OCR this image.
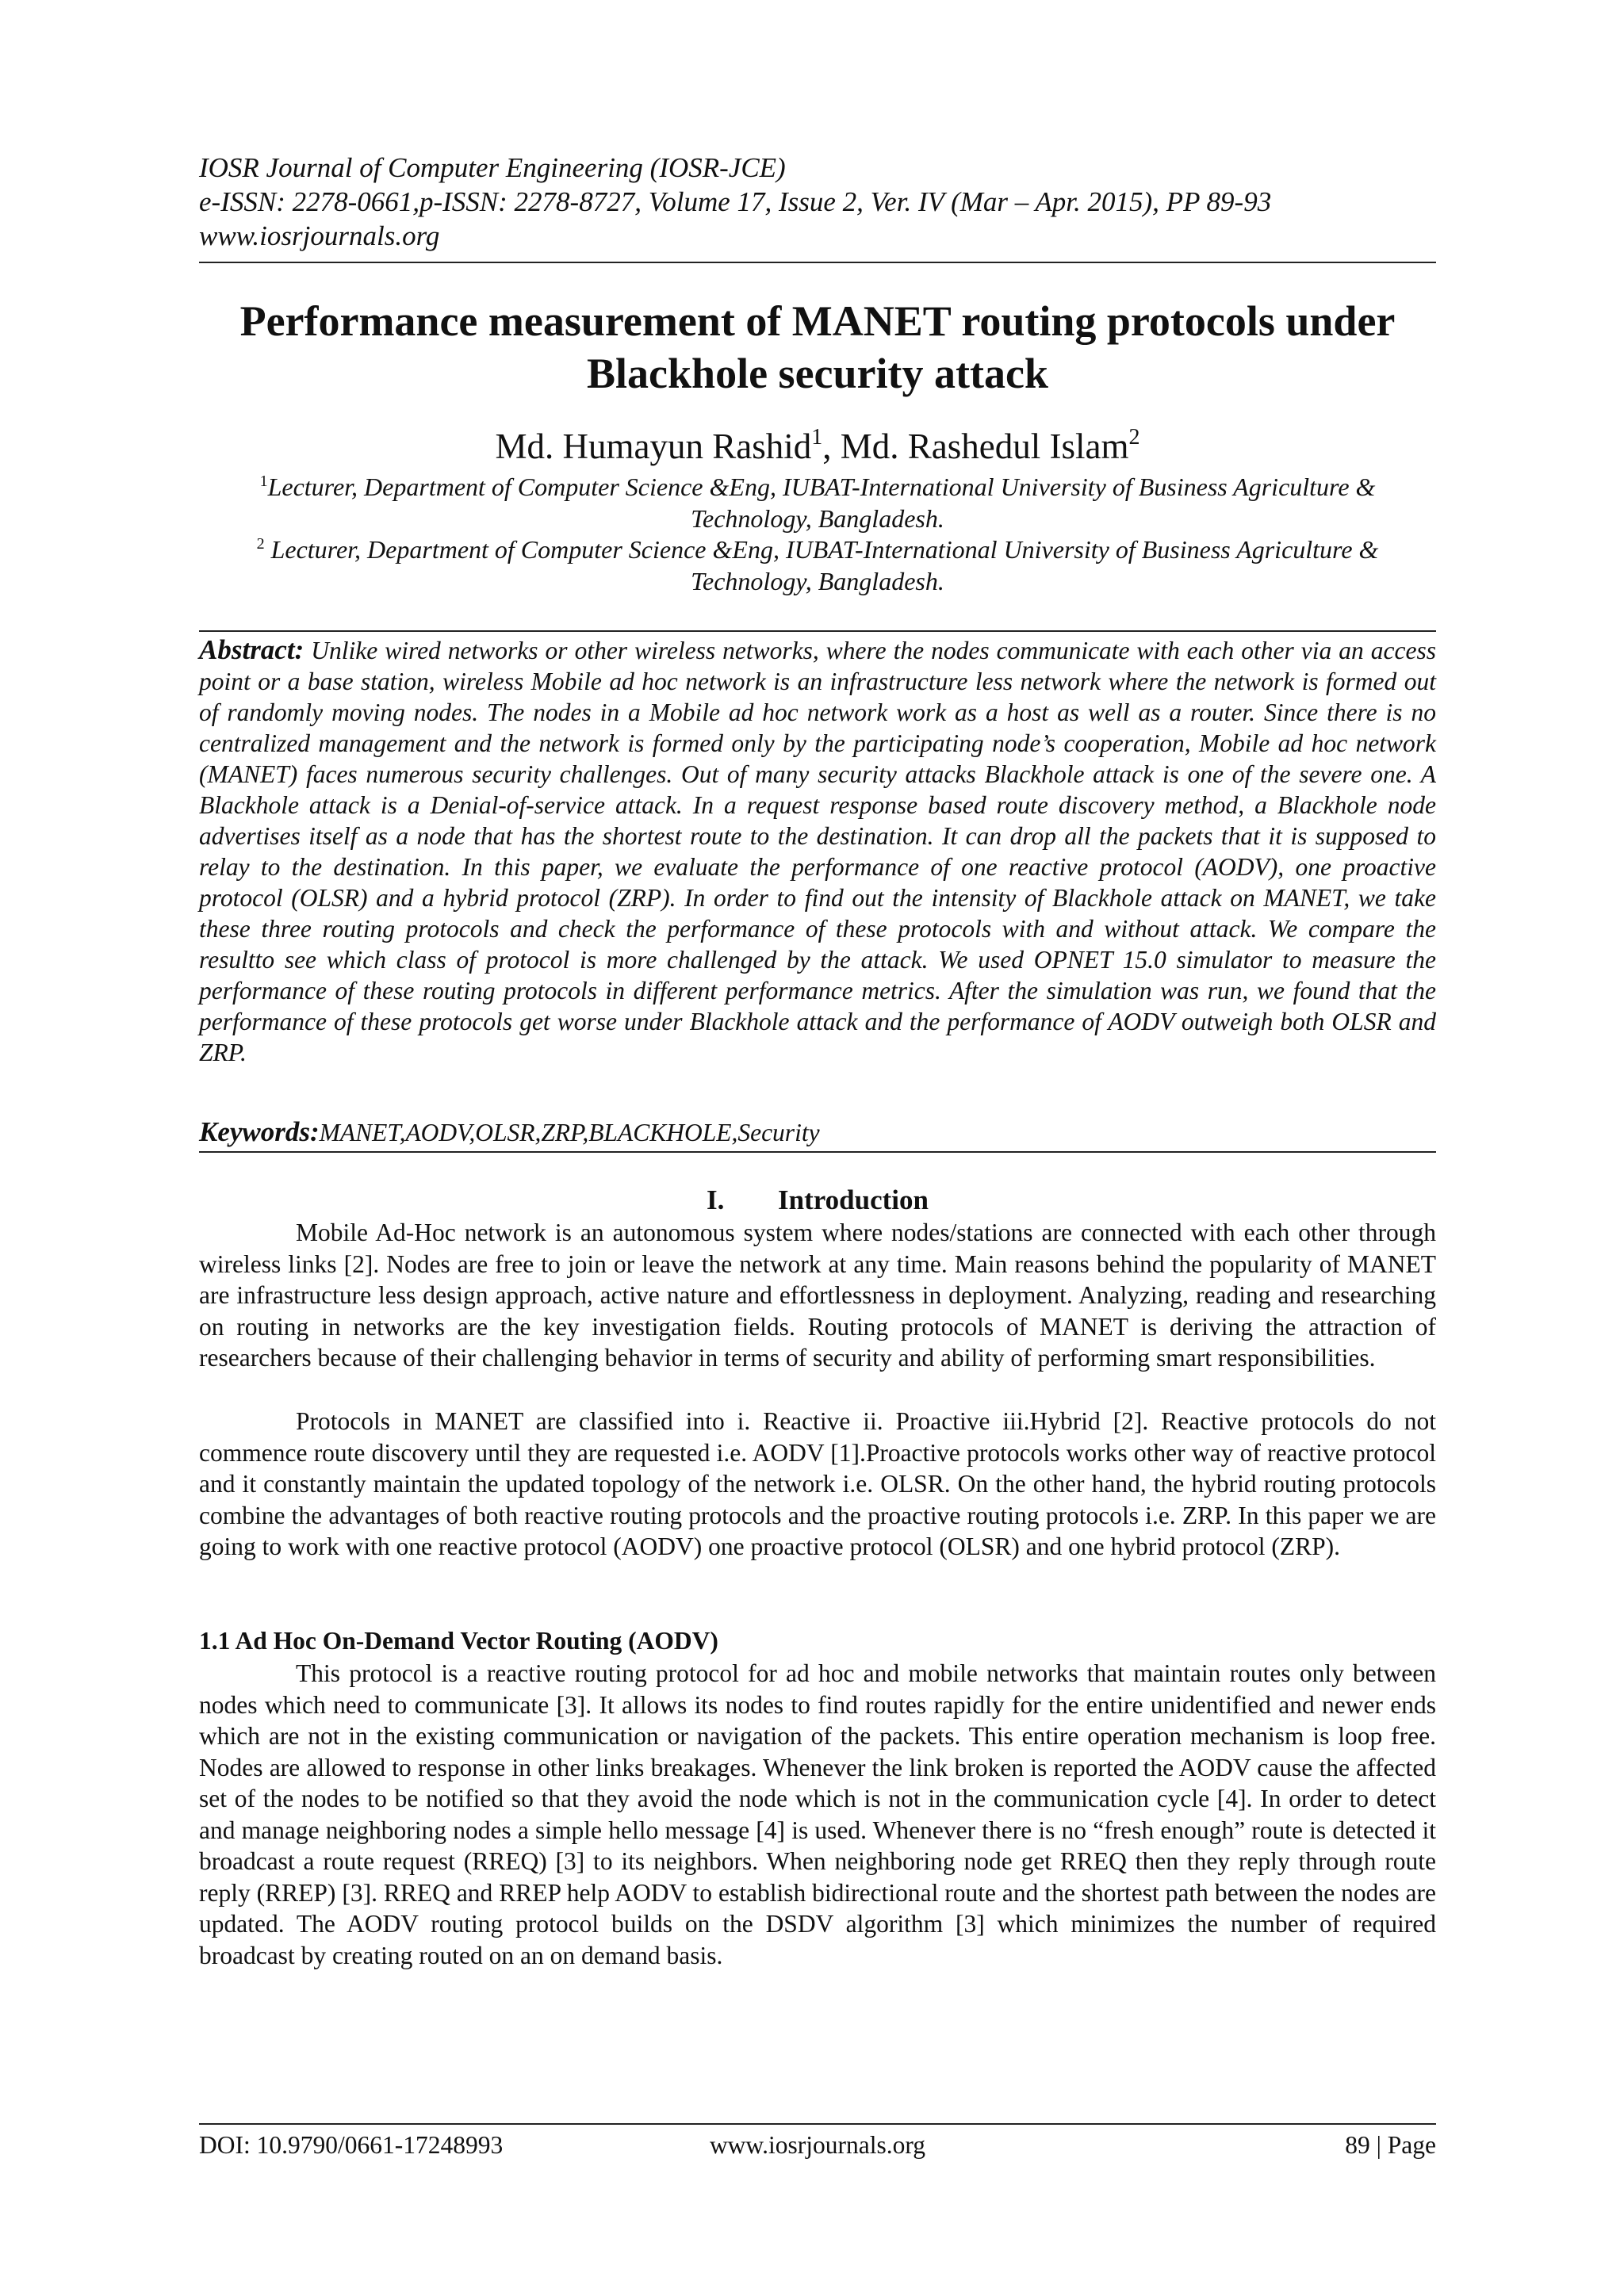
IOSR Journal of Computer Engineering (IOSR-JCE)
e-ISSN: 2278-0661,p-ISSN: 2278-8727, Volume 17, Issue 2, Ver. IV (Mar – Apr. 2015), PP 89-93
www.iosrjournals.org
Performance measurement of MANET routing protocols under
Blackhole security attack
Md. Humayun Rashid$^1$, Md. Rashedul Islam$^2$
$^1$Lecturer, Department of Computer Science &Eng, IUBAT-International University of Business Agriculture &
Technology, Bangladesh.
$^2$ Lecturer, Department of Computer Science &Eng, IUBAT-International University of Business Agriculture &
Technology, Bangladesh.

Abstract: Unlike wired networks or other wireless networks, where the nodes communicate with each other via an access point or a base station, wireless Mobile ad hoc network is an infrastructure less network where the network is formed out of randomly moving nodes. The nodes in a Mobile ad hoc network work as a host as well as a router. Since there is no centralized management and the network is formed only by the participating node’s cooperation, Mobile ad hoc network (MANET) faces numerous security challenges. Out of many security attacks Blackhole attack is one of the severe one. A Blackhole attack is a Denial-of-service attack. In a request response based route discovery method, a Blackhole node advertises itself as a node that has the shortest route to the destination. It can drop all the packets that it is supposed to relay to the destination. In this paper, we evaluate the performance of one reactive protocol (AODV), one proactive protocol (OLSR) and a hybrid protocol (ZRP). In order to find out the intensity of Blackhole attack on MANET, we take these three routing protocols and check the performance of these protocols with and without attack. We compare the resultto see which class of protocol is more challenged by the attack. We used OPNET 15.0 simulator to measure the performance of these routing protocols in different performance metrics. After the simulation was run, we found that the performance of these protocols get worse under Blackhole attack and the performance of AODV outweigh both OLSR and ZRP.

Keywords:MANET,AODV,OLSR,ZRP,BLACKHOLE,Security
I. Introduction

Mobile Ad-Hoc network is an autonomous system where nodes/stations are connected with each other through wireless links [2]. Nodes are free to join or leave the network at any time. Main reasons behind the popularity of MANET are infrastructure less design approach, active nature and effortlessness in deployment. Analyzing, reading and researching on routing in networks are the key investigation fields. Routing protocols of MANET is deriving the attraction of researchers because of their challenging behavior in terms of security and ability of performing smart responsibilities.

Protocols in MANET are classified into i. Reactive ii. Proactive iii.Hybrid [2]. Reactive protocols do not commence route discovery until they are requested i.e. AODV [1].Proactive protocols works other way of reactive protocol and it constantly maintain the updated topology of the network i.e. OLSR. On the other hand, the hybrid routing protocols combine the advantages of both reactive routing protocols and the proactive routing protocols i.e. ZRP. In this paper we are going to work with one reactive protocol (AODV) one proactive protocol (OLSR) and one hybrid protocol (ZRP).

1.1 Ad Hoc On-Demand Vector Routing (AODV)

This protocol is a reactive routing protocol for ad hoc and mobile networks that maintain routes only between nodes which need to communicate [3]. It allows its nodes to find routes rapidly for the entire unidentified and newer ends which are not in the existing communication or navigation of the packets. This entire operation mechanism is loop free. Nodes are allowed to response in other links breakages. Whenever the link broken is reported the AODV cause the affected set of the nodes to be notified so that they avoid the node which is not in the communication cycle [4]. In order to detect and manage neighboring nodes a simple hello message [4] is used. Whenever there is no “fresh enough” route is detected it broadcast a route request (RREQ) [3] to its neighbors. When neighboring node get RREQ then they reply through route reply (RREP) [3]. RREQ and RREP help AODV to establish bidirectional route and the shortest path between the nodes are updated. The AODV routing protocol builds on the DSDV algorithm [3] which minimizes the number of required broadcast by creating routed on an on demand basis.

DOI: 10.9790/0661-17248993	www.iosrjournals.org	89 | Page
